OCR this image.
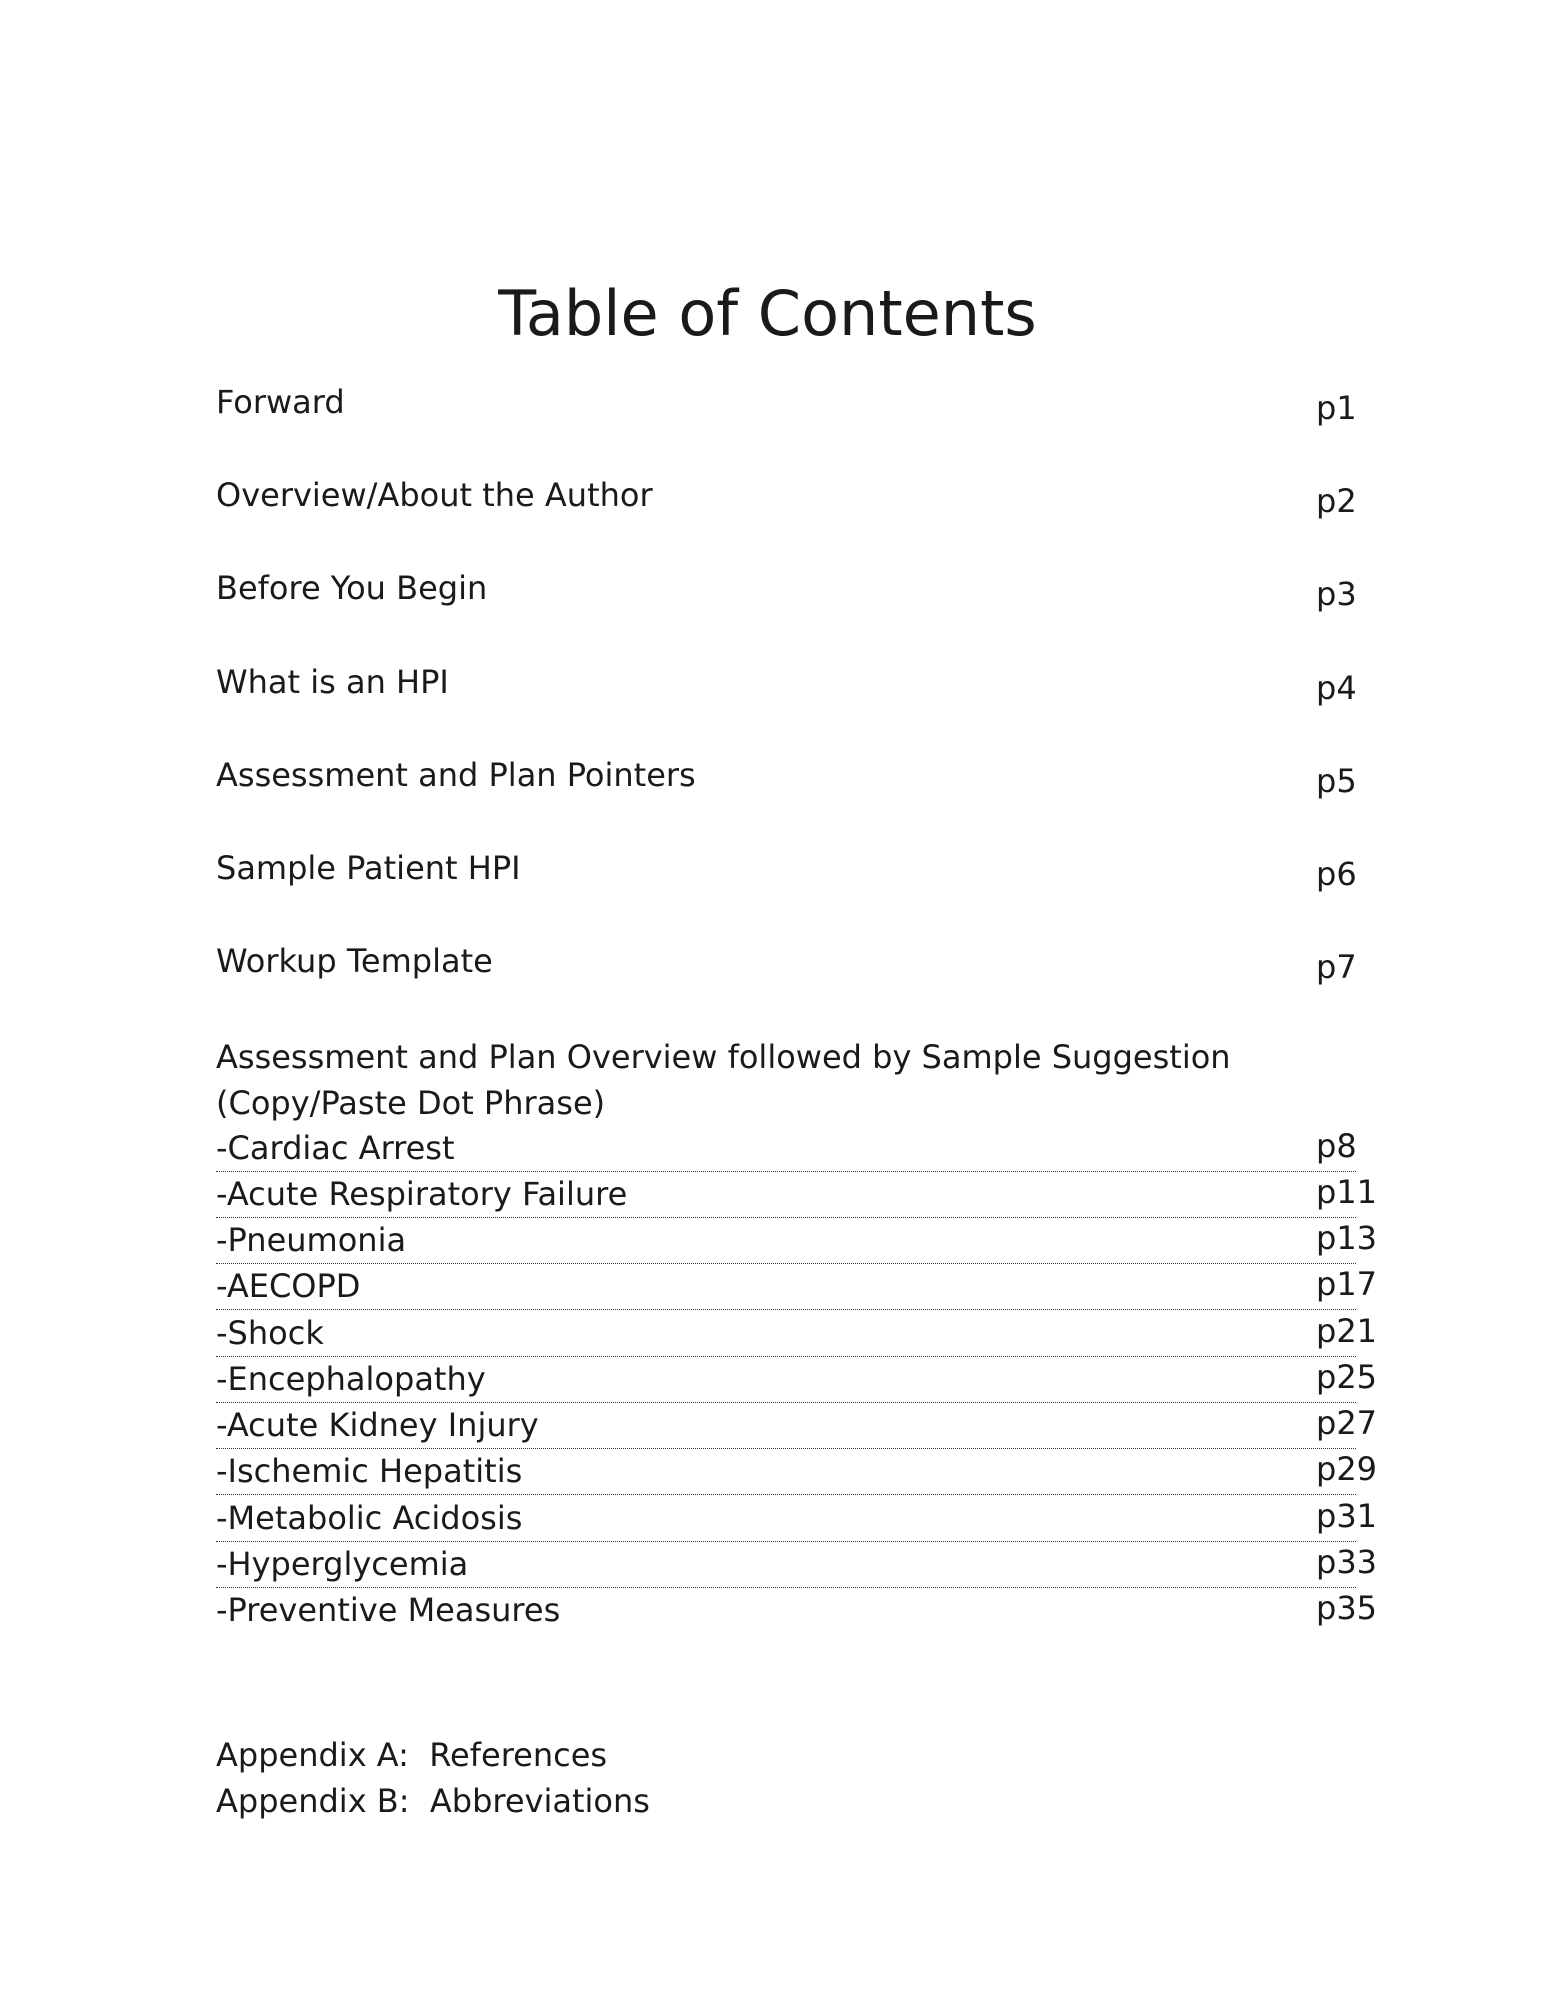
Table of Contents
Forward	p1
Overview/About the Author	p2
Before You Begin	p3
What is an HPI	p4
Assessment and Plan Pointers	p5
Sample Patient HPI	p6
Workup Template	p7
Assessment and Plan Overview followed by Sample Suggestion
(Copy/Paste Dot Phrase)
-Cardiac Arrest	p8
-Acute Respiratory Failure	p11
-Pneumonia	p13
-AECOPD	p17
-Shock	p21
-Encephalopathy	p25
-Acute Kidney Injury	p27
-Ischemic Hepatitis	p29
-Metabolic Acidosis	p31
-Hyperglycemia	p33
-Preventive Measures	p35
Appendix A:  References
Appendix B:  Abbreviations
